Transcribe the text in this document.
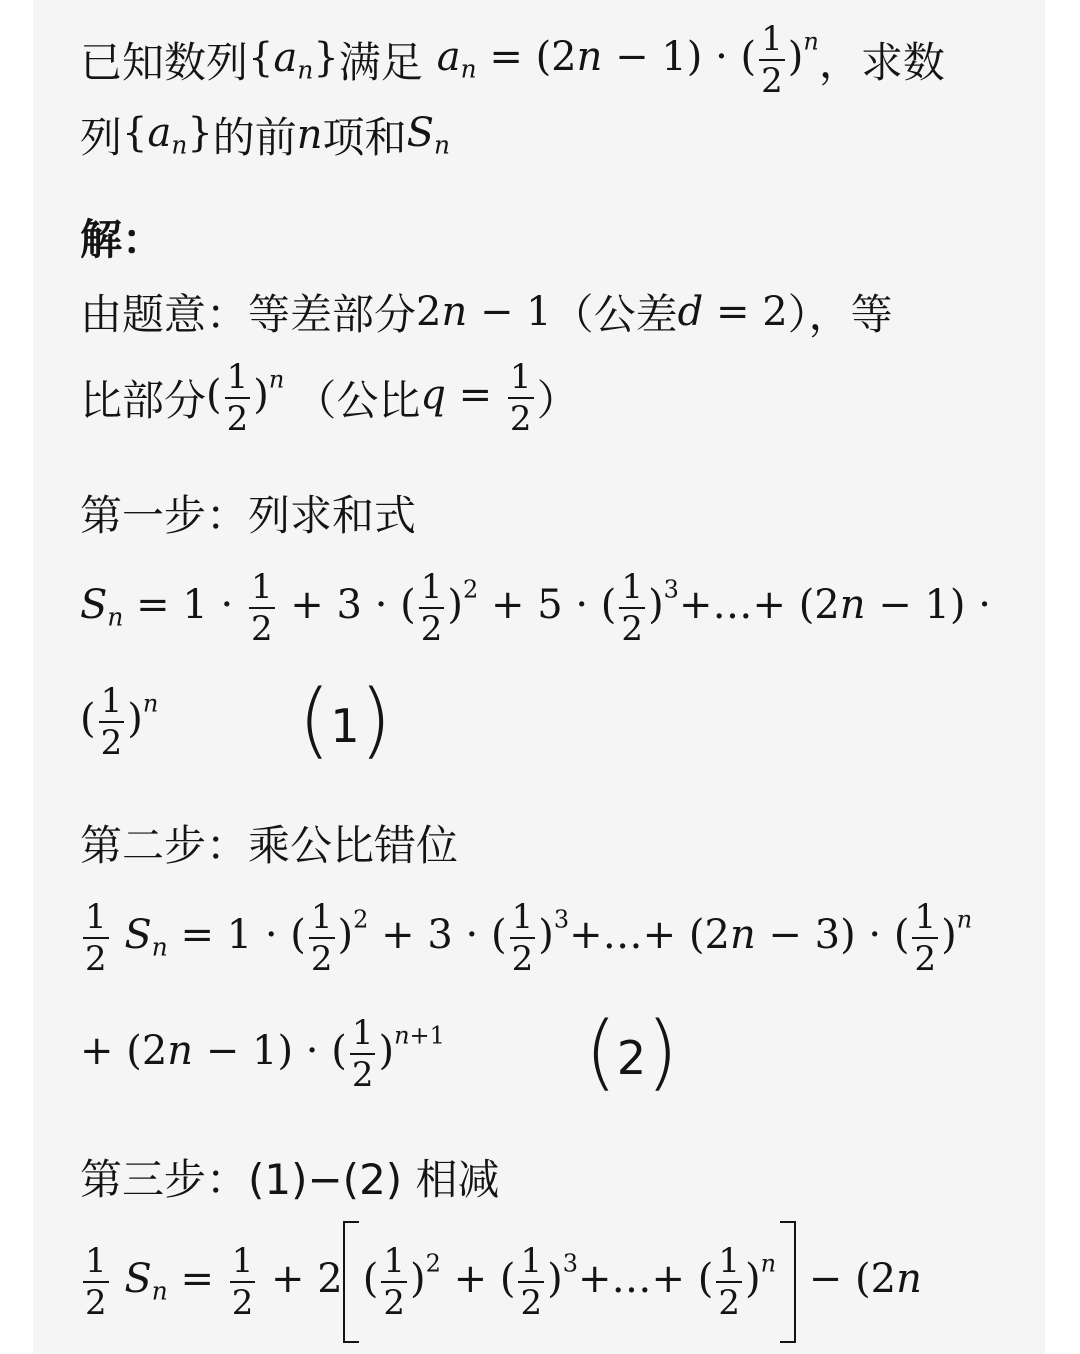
已知数列 $\{a_n\}$ 满足 $a_n = (2n - 1)$ · ( $\frac{1}{2} )^n$ ，求数
列 $\{a_n\}$ 的前 n 项和 $S_n$
解：
由题意：等差部分 2n − 1 （公差 d = 2 ），等
比部分 ( $\frac{1}{2} )^n$ （公比 $q = \frac{1}{2}$ ）
第一步：列求和式
$S_n = 1 \cdot \frac{1}{2} + 3$ · ( $\frac{1}{2} )^2 + 5$ · ( $\frac{1}{2}$ )$^3$+…+ (2n − 1) ·
( $\frac{1}{2} )^n$ (1)
第二步：乘公比错位
$\frac{1}{2} S_n = 1$ · ( $\frac{1}{2} )^2 + 3$ · ( $\frac{1}{2}$ )$^3$+…+ (2n − 3) · ( $\frac{1}{2} )^n$
+ (2n − 1) · ( $\frac{1}{2} )^{n+1}$ (2)
第三步：(1)−(2) 相减
$\frac{1}{2} S_n = \frac{1}{2} + 2$ ( $\frac{1}{2} )^2$ + ( $\frac{1}{2}$ )$^3$+…+ ( $\frac{1}{2} )^n - (2n$
